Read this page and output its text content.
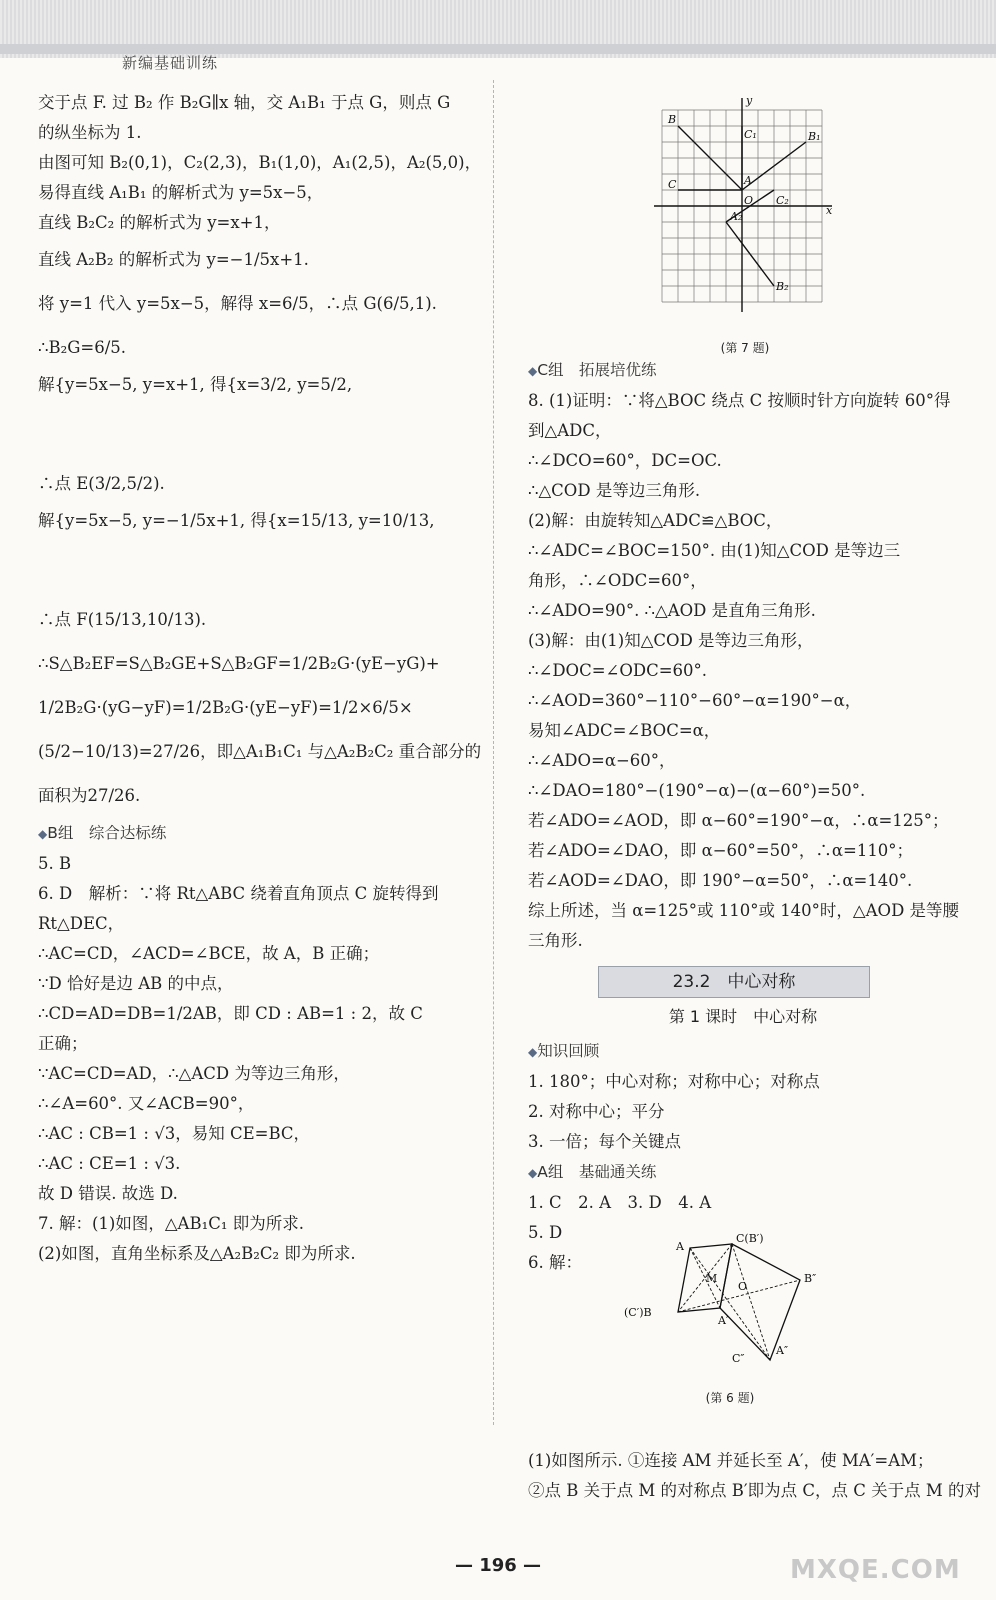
新编基础训练
交于点 F. 过 B₂ 作 B₂G∥x 轴，交 A₁B₁ 于点 G，则点 G
的纵坐标为 1.
由图可知 B₂(0,1)，C₂(2,3)，B₁(1,0)，A₁(2,5)，A₂(5,0)，
易得直线 A₁B₁ 的解析式为 y=5x−5，
直线 B₂C₂ 的解析式为 y=x+1，
直线 A₂B₂ 的解析式为 y=−1/5x+1.
将 y=1 代入 y=5x−5，解得 x=6/5，∴点 G(6/5,1).
∴B₂G=6/5.
解{y=5x−5, y=x+1, 得{x=3/2, y=5/2,
∴点 E(3/2,5/2).
解{y=5x−5, y=−1/5x+1, 得{x=15/13, y=10/13,
∴点 F(15/13,10/13).
∴S△B₂EF=S△B₂GE+S△B₂GF=1/2B₂G·(yE−yG)+
1/2B₂G·(yG−yF)=1/2B₂G·(yE−yF)=1/2×6/5×
(5/2−10/13)=27/26，即△A₁B₁C₁ 与△A₂B₂C₂ 重合部分的
面积为27/26.
◆ B组　综合达标练
5. B
6. D　解析：∵将 Rt△ABC 绕着直角顶点 C 旋转得到
Rt△DEC，
∴AC=CD，∠ACD=∠BCE，故 A，B 正确；
∵D 恰好是边 AB 的中点，
∴CD=AD=DB=1/2AB，即 CD : AB=1 : 2，故 C
正确；
∵AC=CD=AD，∴△ACD 为等边三角形，
∴∠A=60°. 又∠ACB=90°，
∴AC : CB=1 : √3，易知 CE=BC，
∴AC : CE=1 : √3.
故 D 错误. 故选 D.
7. 解：(1)如图，△AB₁C₁ 即为所求.
(2)如图，直角坐标系及△A₂B₂C₂ 即为所求.
B
C₁	B₁
C	A
O C₂
x
y
A₂
B₂
(第 7 题)
◆ C组　拓展培优练
8. (1)证明：∵将△BOC 绕点 C 按顺时针方向旋转 60°得
到△ADC，
∴∠DCO=60°，DC=OC.
∴△COD 是等边三角形.
(2)解：由旋转知△ADC≌△BOC，
∴∠ADC=∠BOC=150°. 由(1)知△COD 是等边三
角形，∴∠ODC=60°，
∴∠ADO=90°. ∴△AOD 是直角三角形.
(3)解：由(1)知△COD 是等边三角形，
∴∠DOC=∠ODC=60°.
∴∠AOD=360°−110°−60°−α=190°−α，
易知∠ADC=∠BOC=α，
∴∠ADO=α−60°，
∴∠DAO=180°−(190°−α)−(α−60°)=50°.
若∠ADO=∠AOD，即 α−60°=190°−α，∴α=125°；
若∠ADO=∠DAO，即 α−60°=50°，∴α=110°；
若∠AOD=∠DAO，即 190°−α=50°，∴α=140°.
综上所述，当 α=125°或 110°或 140°时，△AOD 是等腰
三角形.
23.2　中心对称
第 1 课时　中心对称
◆ 知识回顾
1. 180°；中心对称；对称中心；对称点
2. 对称中心；平分
3. 一倍；每个关键点
◆ A组　基础通关练
1. C　2. A　3. D　4. A
5. D
6. 解：
(1)如图所示. ①连接 AM 并延长至 A′，使 MA′=AM；
②点 B 关于点 M 的对称点 B′即为点 C，点 C 关于点 M 的对
A
C(B′)
M
O
B″
(C′)B
A′
C″
A″
(第 6 题)
— 196 —	MXQE.COM
